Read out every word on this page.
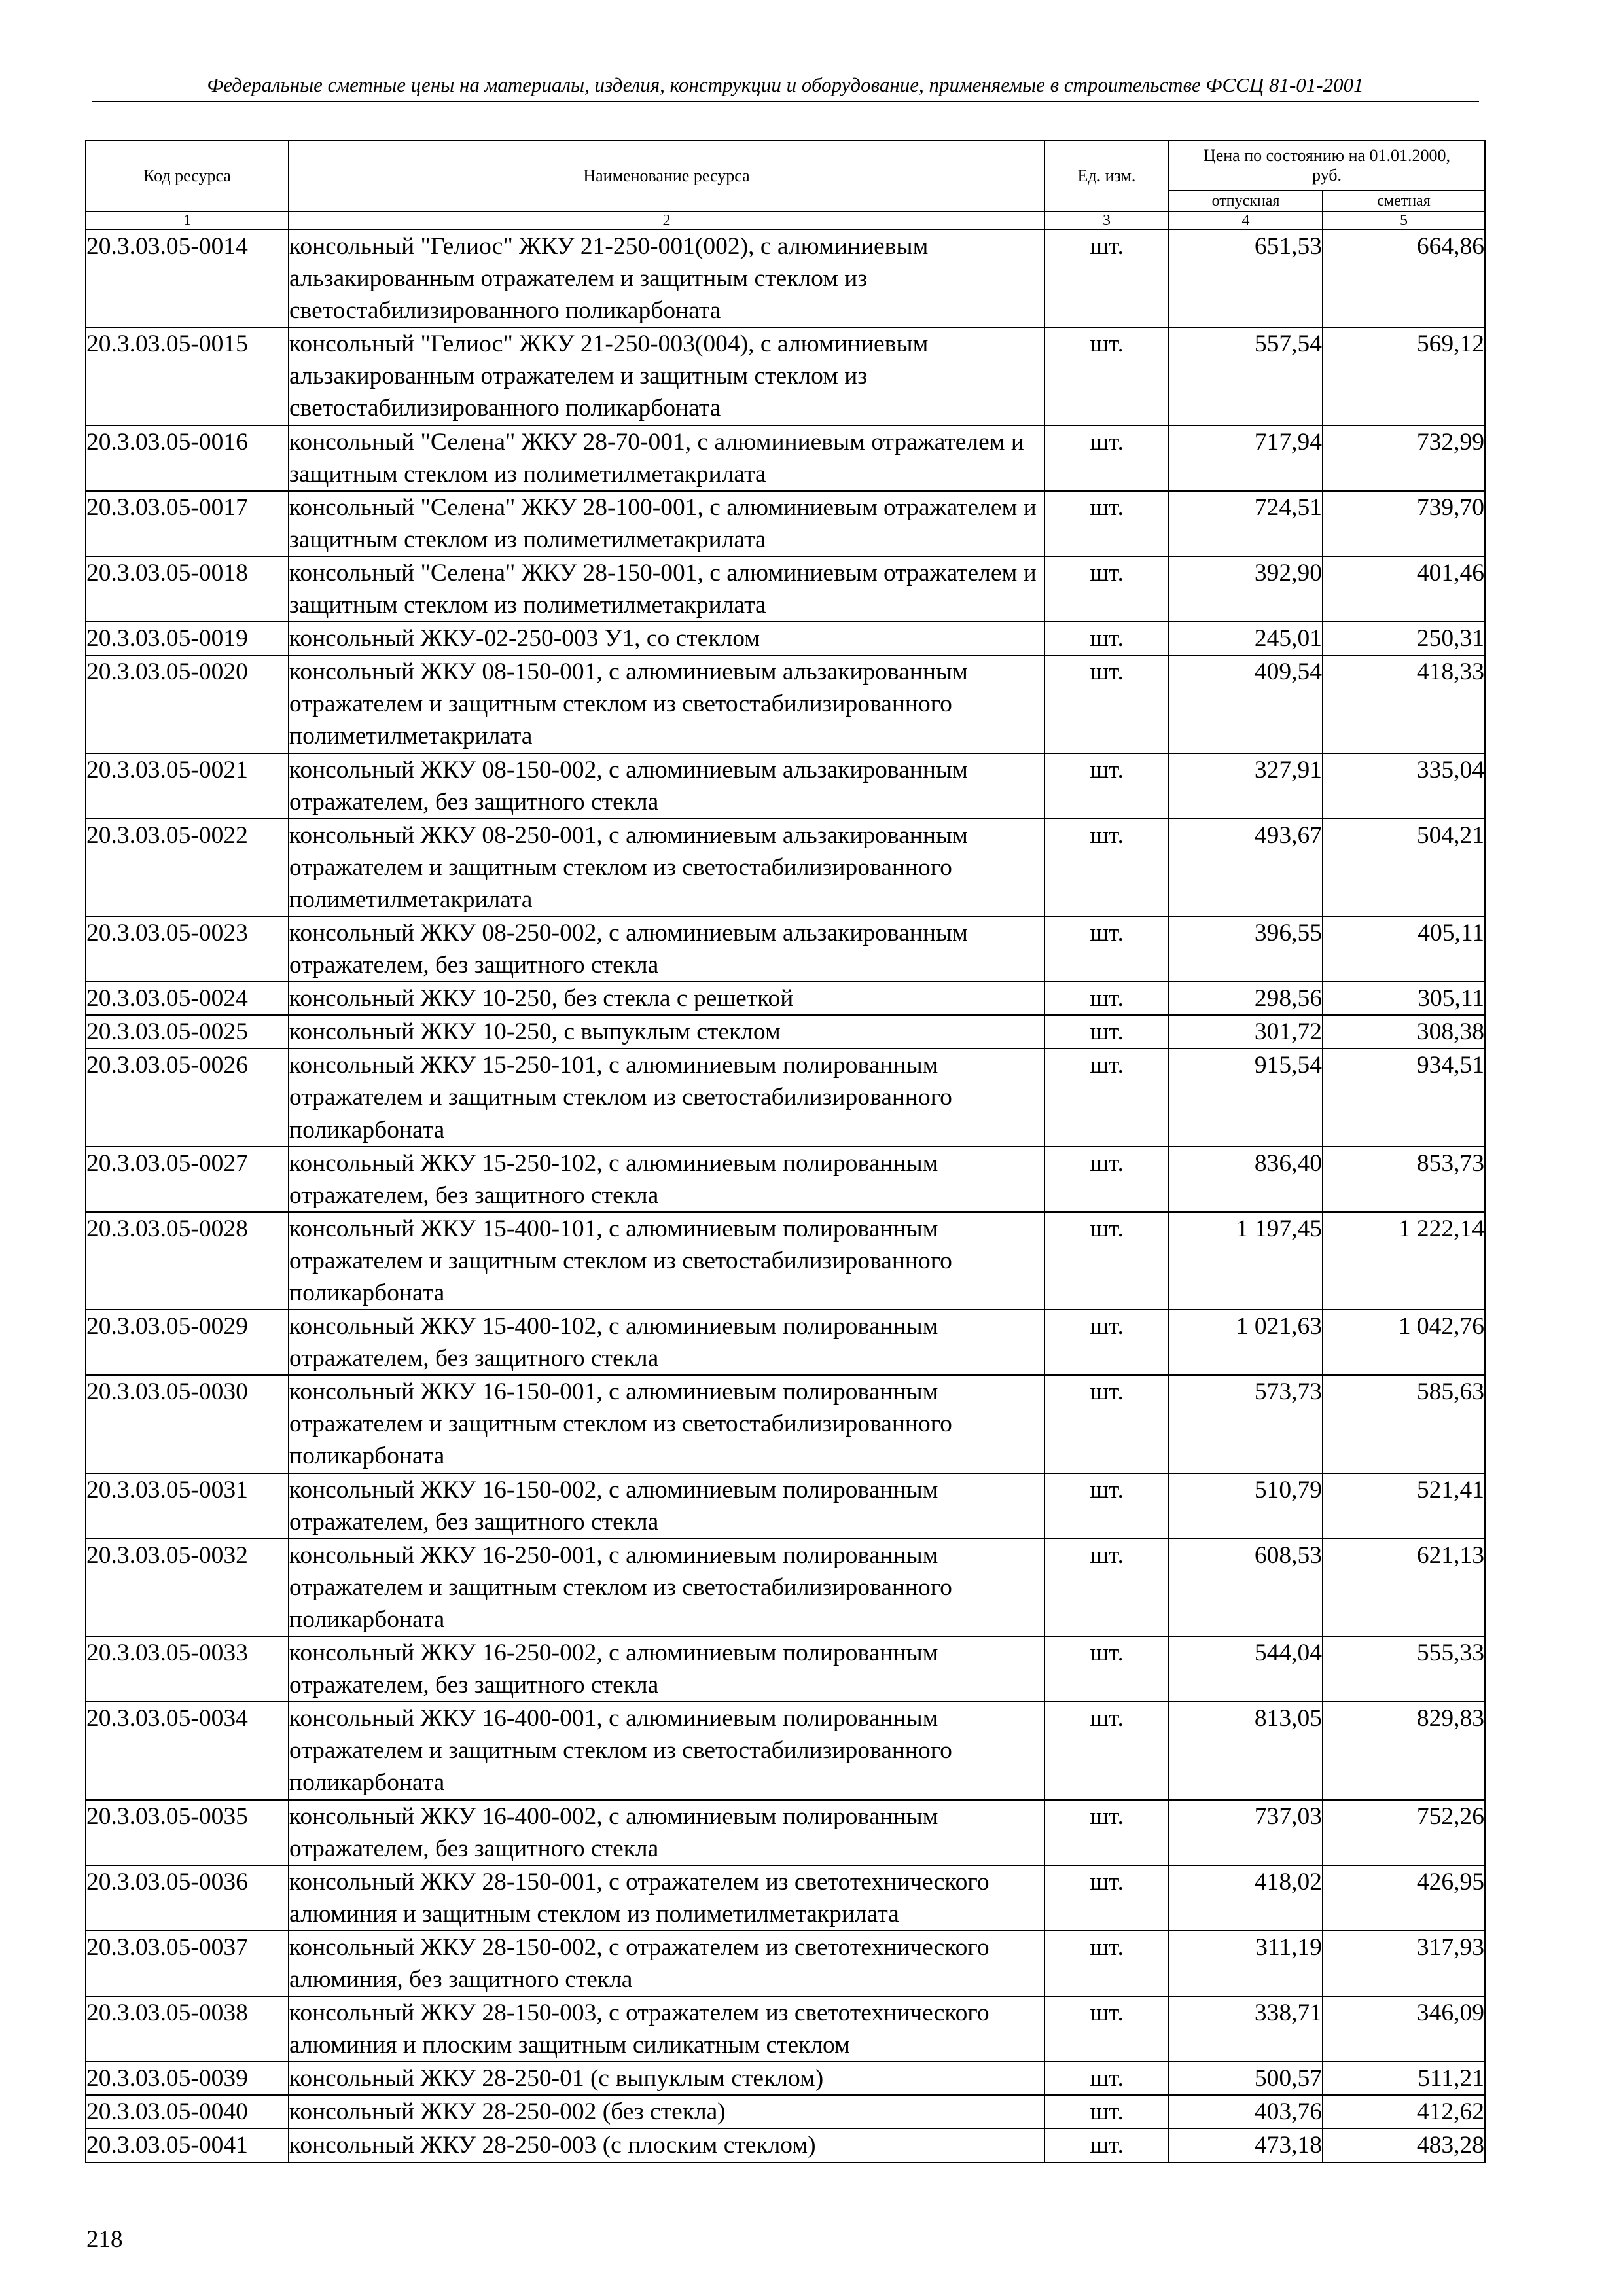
Федеральные сметные цены на материалы, изделия, конструкции и оборудование, применяемые в строительстве ФССЦ 81-01-2001
Код ресурса	Наименование ресурса	Ед. изм.	Цена по состоянию на 01.01.2000, руб.	
			отпускная	сметная
1	2	3	4	5
20.3.03.05-0014	консольный "Гелиос" ЖКУ 21-250-001(002), с алюминиевым альзакированным отражателем и защитным стеклом из светостабилизированного поликарбоната	шт.	651,53	664,86
20.3.03.05-0015	консольный "Гелиос" ЖКУ 21-250-003(004), с алюминиевым альзакированным отражателем и защитным стеклом из светостабилизированного поликарбоната	шт.	557,54	569,12
20.3.03.05-0016	консольный "Селена" ЖКУ 28-70-001, с алюминиевым отражателем и защитным стеклом из полиметилметакрилата	шт.	717,94	732,99
20.3.03.05-0017	консольный "Селена" ЖКУ 28-100-001, с алюминиевым отражателем и защитным стеклом из полиметилметакрилата	шт.	724,51	739,70
20.3.03.05-0018	консольный "Селена" ЖКУ 28-150-001, с алюминиевым отражателем и защитным стеклом из полиметилметакрилата	шт.	392,90	401,46
20.3.03.05-0019	консольный ЖКУ-02-250-003 У1, со стеклом	шт.	245,01	250,31
20.3.03.05-0020	консольный ЖКУ 08-150-001, с алюминиевым альзакированным отражателем и защитным стеклом из светостабилизированного полиметилметакрилата	шт.	409,54	418,33
20.3.03.05-0021	консольный ЖКУ 08-150-002, с алюминиевым альзакированным отражателем, без защитного стекла	шт.	327,91	335,04
20.3.03.05-0022	консольный ЖКУ 08-250-001, с алюминиевым альзакированным отражателем и защитным стеклом из светостабилизированного полиметилметакрилата	шт.	493,67	504,21
20.3.03.05-0023	консольный ЖКУ 08-250-002, с алюминиевым альзакированным отражателем, без защитного стекла	шт.	396,55	405,11
20.3.03.05-0024	консольный ЖКУ 10-250, без стекла с решеткой	шт.	298,56	305,11
20.3.03.05-0025	консольный ЖКУ 10-250, с выпуклым стеклом	шт.	301,72	308,38
20.3.03.05-0026	консольный ЖКУ 15-250-101, с алюминиевым полированным отражателем и защитным стеклом из светостабилизированного поликарбоната	шт.	915,54	934,51
20.3.03.05-0027	консольный ЖКУ 15-250-102, с алюминиевым полированным отражателем, без защитного стекла	шт.	836,40	853,73
20.3.03.05-0028	консольный ЖКУ 15-400-101, с алюминиевым полированным отражателем и защитным стеклом из светостабилизированного поликарбоната	шт.	1 197,45	1 222,14
20.3.03.05-0029	консольный ЖКУ 15-400-102, с алюминиевым полированным отражателем, без защитного стекла	шт.	1 021,63	1 042,76
20.3.03.05-0030	консольный ЖКУ 16-150-001, с алюминиевым полированным отражателем и защитным стеклом из светостабилизированного поликарбоната	шт.	573,73	585,63
20.3.03.05-0031	консольный ЖКУ 16-150-002, с алюминиевым полированным отражателем, без защитного стекла	шт.	510,79	521,41
20.3.03.05-0032	консольный ЖКУ 16-250-001, с алюминиевым полированным отражателем и защитным стеклом из светостабилизированного поликарбоната	шт.	608,53	621,13
20.3.03.05-0033	консольный ЖКУ 16-250-002, с алюминиевым полированным отражателем, без защитного стекла	шт.	544,04	555,33
20.3.03.05-0034	консольный ЖКУ 16-400-001, с алюминиевым полированным отражателем и защитным стеклом из светостабилизированного поликарбоната	шт.	813,05	829,83
20.3.03.05-0035	консольный ЖКУ 16-400-002, с алюминиевым полированным отражателем, без защитного стекла	шт.	737,03	752,26
20.3.03.05-0036	консольный ЖКУ 28-150-001, с отражателем из светотехнического алюминия и защитным стеклом из полиметилметакрилата	шт.	418,02	426,95
20.3.03.05-0037	консольный ЖКУ 28-150-002, с отражателем из светотехнического алюминия, без защитного стекла	шт.	311,19	317,93
20.3.03.05-0038	консольный ЖКУ 28-150-003, с отражателем из светотехнического алюминия и плоским защитным силикатным стеклом	шт.	338,71	346,09
20.3.03.05-0039	консольный ЖКУ 28-250-01 (с выпуклым стеклом)	шт.	500,57	511,21
20.3.03.05-0040	консольный ЖКУ 28-250-002 (без стекла)	шт.	403,76	412,62
20.3.03.05-0041	консольный ЖКУ 28-250-003 (с плоским стеклом)	шт.	473,18	483,28
218
